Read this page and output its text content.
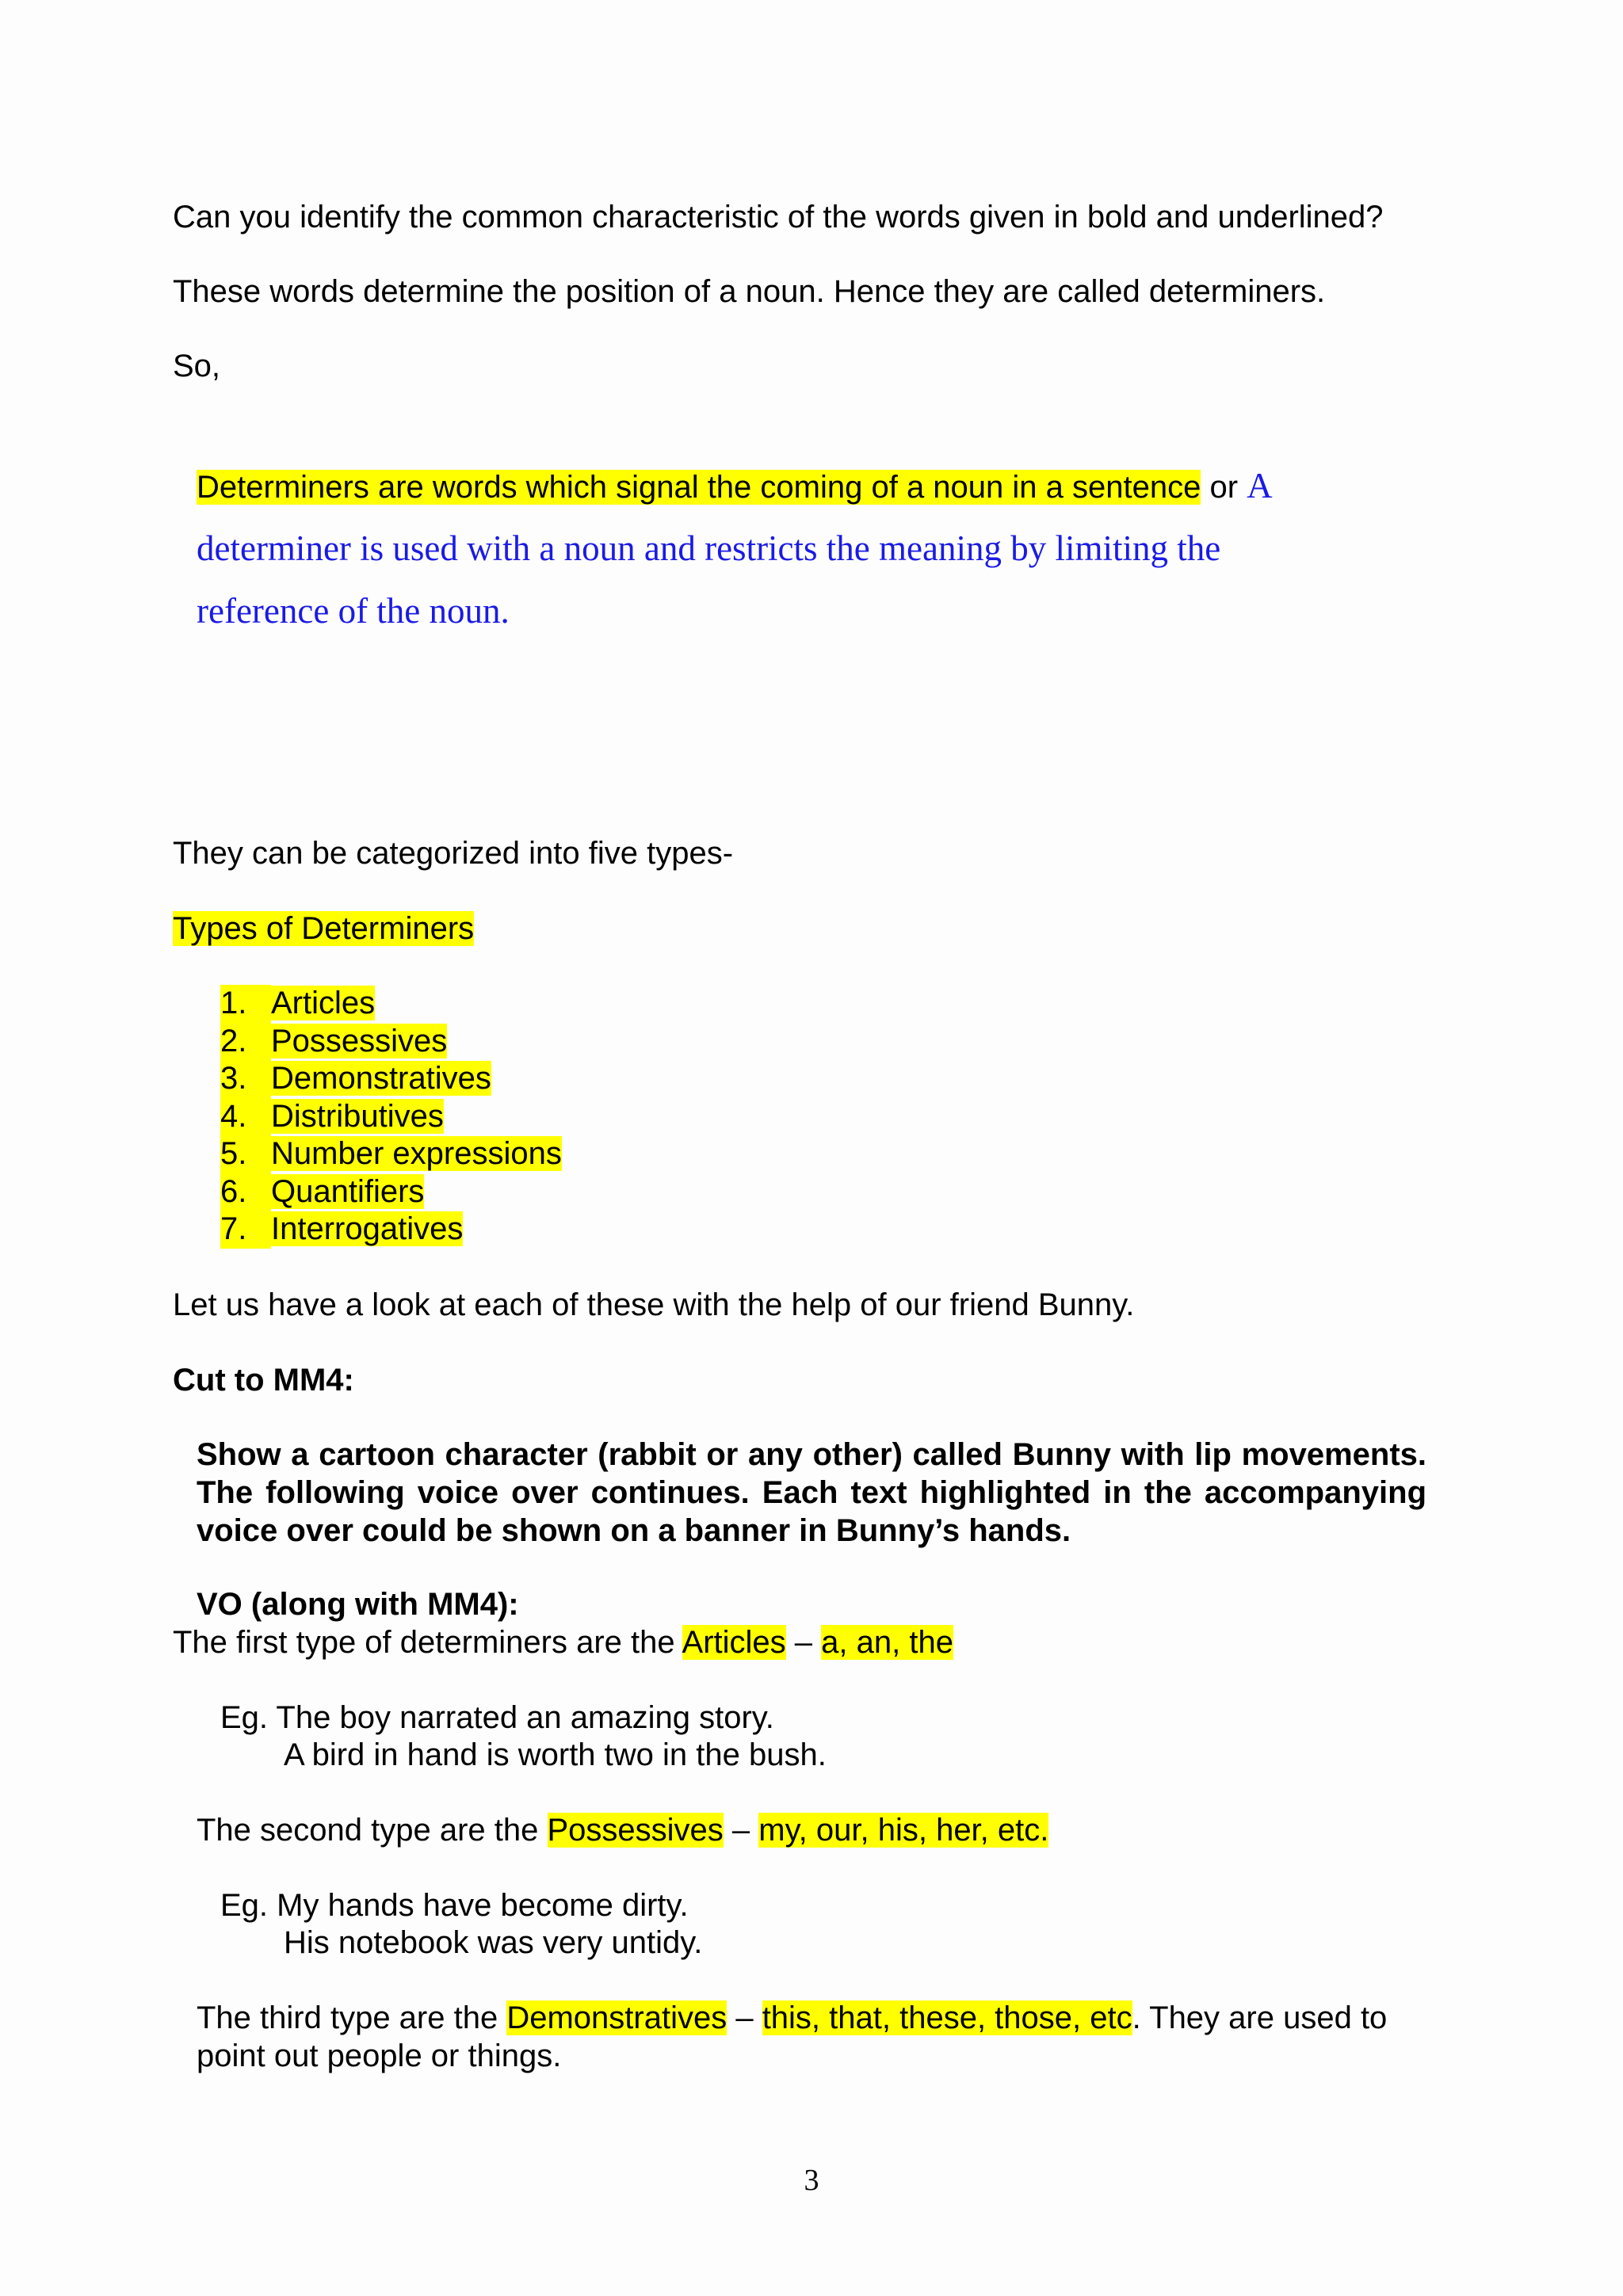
Can you identify the common characteristic of the words given in bold and underlined?
These words determine the position of a noun. Hence they are called determiners.
So,
Determiners are words which signal the coming of a noun in a sentence or A determiner is used with a noun and restricts the meaning by limiting the reference of the noun.
They can be categorized into five types-
Types of Determiners
1. Articles
2. Possessives
3. Demonstratives
4. Distributives
5. Number expressions
6. Quantifiers
7. Interrogatives
Let us have a look at each of these with the help of our friend Bunny.
Cut to MM4:
Show a cartoon character (rabbit or any other) called Bunny with lip movements. The following voice over continues. Each text highlighted in the accompanying voice over could be shown on a banner in Bunny’s hands.
VO (along with MM4):
The first type of determiners are the Articles – a, an, the
Eg. The boy narrated an amazing story.
A bird in hand is worth two in the bush.
The second type are the Possessives – my, our, his, her, etc.
Eg. My hands have become dirty.
His notebook was very untidy.
The third type are the Demonstratives – this, that, these, those, etc. They are used to
point out people or things.
3
